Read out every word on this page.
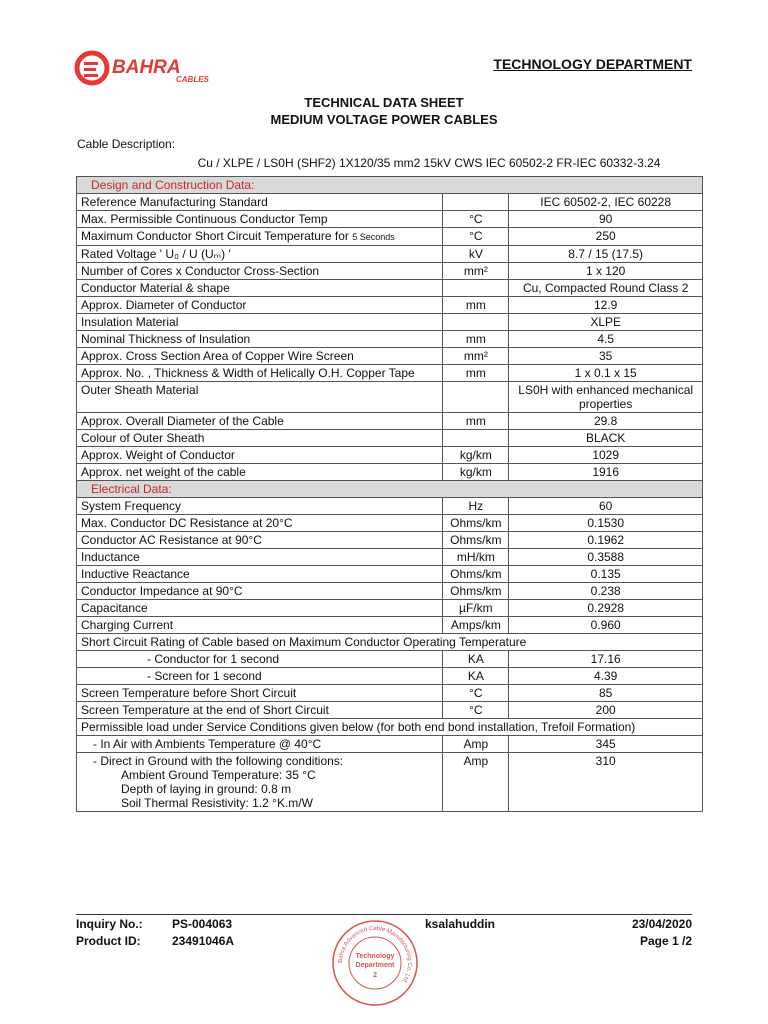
BAHRA
CABLES
TECHNOLOGY DEPARTMENT
TECHNICAL DATA SHEET
MEDIUM VOLTAGE POWER CABLES
Cable Description:
Cu / XLPE / LS0H (SHF2) 1X120/35 mm2 15kV CWS IEC 60502-2 FR-IEC 60332-3.24
Design and Construction Data:		
Reference Manufacturing Standard		IEC 60502-2, IEC 60228
Max. Permissible Continuous Conductor Temp	°C	90
Maximum Conductor Short Circuit Temperature for 5 Seconds	°C	250
Rated Voltage ' U₀ / U (Uₘ) '	kV	8.7 / 15 (17.5)
Number of Cores x Conductor Cross-Section	mm²	1 x 120
Conductor Material & shape		Cu, Compacted Round Class 2
Approx. Diameter of Conductor	mm	12.9
Insulation Material		XLPE
Nominal Thickness of Insulation	mm	4.5
Approx. Cross Section Area of Copper Wire Screen	mm²	35
Approx. No. , Thickness & Width of Helically O.H. Copper Tape	mm	1 x 0.1 x 15
Outer Sheath Material		LS0H with enhanced mechanical properties
Approx. Overall Diameter of the Cable	mm	29.8
Colour of Outer Sheath		BLACK
Approx. Weight of Conductor	kg/km	1029
Approx. net weight of the cable	kg/km	1916
Electrical Data:		
System Frequency	Hz	60
Max. Conductor DC Resistance at 20°C	Ohms/km	0.1530
Conductor AC Resistance at 90°C	Ohms/km	0.1962
Inductance	mH/km	0.3588
Inductive Reactance	Ohms/km	0.135
Conductor Impedance at 90°C	Ohms/km	0.238
Capacitance	µF/km	0.2928
Charging Current	Amps/km	0.960
Short Circuit Rating of Cable based on Maximum Conductor Operating Temperature		
- Conductor for 1 second	KA	17.16
- Screen for 1 second	KA	4.39
Screen Temperature before Short Circuit	°C	85
Screen Temperature at the end of Short Circuit	°C	200
Permissible load under Service Conditions given below (for both end bond installation, Trefoil Formation)		
- In Air with Ambients Temperature @ 40°C	Amp	345

- Direct in Ground with the following conditions:
Ambient Ground Temperature: 35 °C
Depth of laying in ground: 0.8 m
Soil Thermal Resistivity: 1.2 °K.m/W	Amp	310
Inquiry No.: PS-004063
Product ID:	23491046A
ksalahuddin	23/04/2020
Page 1 /2
Bahra Advanced Cable Manufacturing Co. Ltd.
Technology
Department
2
